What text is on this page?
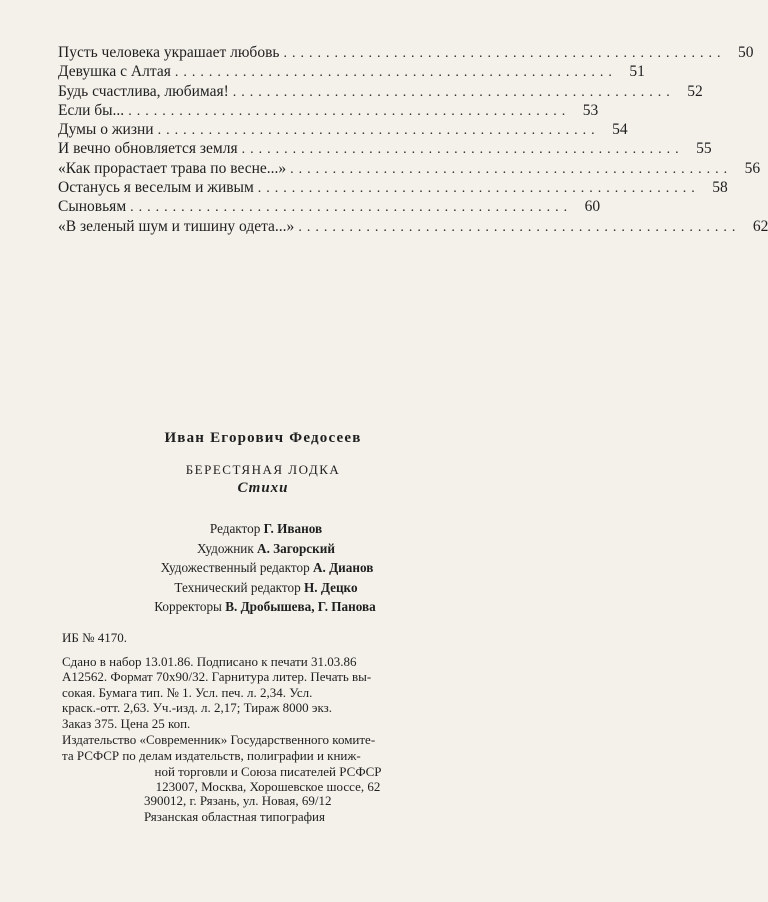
Пусть человека украшает любовь .................................................... 50
Девушка с Алтая .................................................... 51
Будь счастлива, любимая! .................................................... 52
Если бы... .................................................... 53
Думы о жизни .................................................... 54
И вечно обновляется земля .................................................... 55
«Как прорастает трава по весне...» .................................................... 56
Останусь я веселым и живым .................................................... 58
Сыновьям .................................................... 60
«В зеленый шум и тишину одета...» .................................................... 62
Иван Егорович Федосеев
БЕРЕСТЯНАЯ ЛОДКА
Стихи
Редактор Г. Иванов
Художник А. Загорский
Художественный редактор А. Дианов
Технический редактор Н. Децко
Корректоры В. Дробышева, Г. Панова
ИБ № 4170.
Сдано в набор 13.01.86. Подписано к печати 31.03.86
А12562. Формат 70х90/32. Гарнитура литер. Печать вы-
сокая. Бумага тип. № 1. Усл. печ. л. 2,34. Усл.
краск.-отт. 2,63. Уч.-изд. л. 2,17; Тираж 8000 экз.
Заказ 375. Цена 25 коп.
Издательство «Современник» Государственного комите-
та РСФСР по делам издательств, полиграфии и книж-
ной торговли и Союза писателей РСФСР
123007, Москва, Хорошевское шоссе, 62
390012, г. Рязань, ул. Новая, 69/12
Рязанская областная типография
